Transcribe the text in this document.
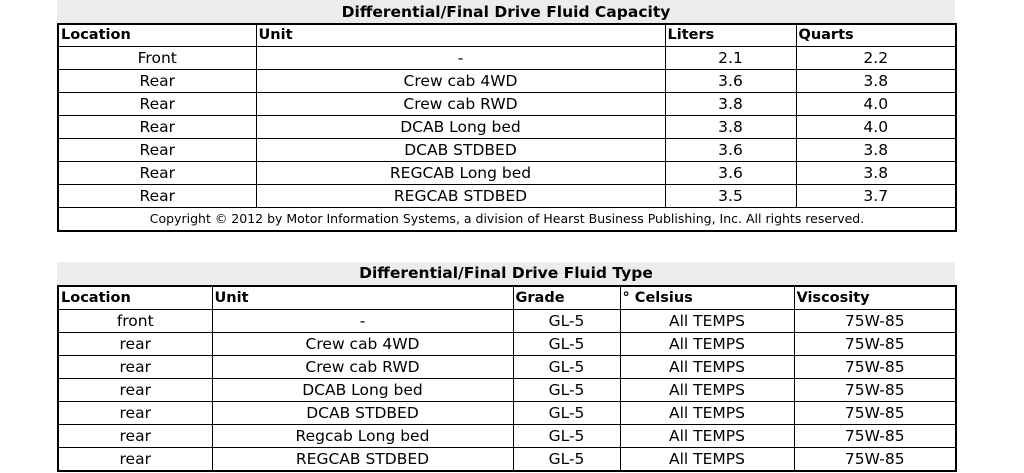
Differential/Final Drive Fluid Capacity
Location	Unit	Liters	Quarts
Front	-	2.1	2.2
Rear	Crew cab 4WD	3.6	3.8
Rear	Crew cab RWD	3.8	4.0
Rear	DCAB Long bed	3.8	4.0
Rear	DCAB STDBED	3.6	3.8
Rear	REGCAB Long bed	3.6	3.8
Rear	REGCAB STDBED	3.5	3.7
Copyright © 2012 by Motor Information Systems, a division of Hearst Business Publishing, Inc. All rights reserved.			
Differential/Final Drive Fluid Type
Location	Unit	Grade	° Celsius	Viscosity
front	-	GL-5	All TEMPS	75W-85
rear	Crew cab 4WD	GL-5	All TEMPS	75W-85
rear	Crew cab RWD	GL-5	All TEMPS	75W-85
rear	DCAB Long bed	GL-5	All TEMPS	75W-85
rear	DCAB STDBED	GL-5	All TEMPS	75W-85
rear	Regcab Long bed	GL-5	All TEMPS	75W-85
rear	REGCAB STDBED	GL-5	All TEMPS	75W-85
